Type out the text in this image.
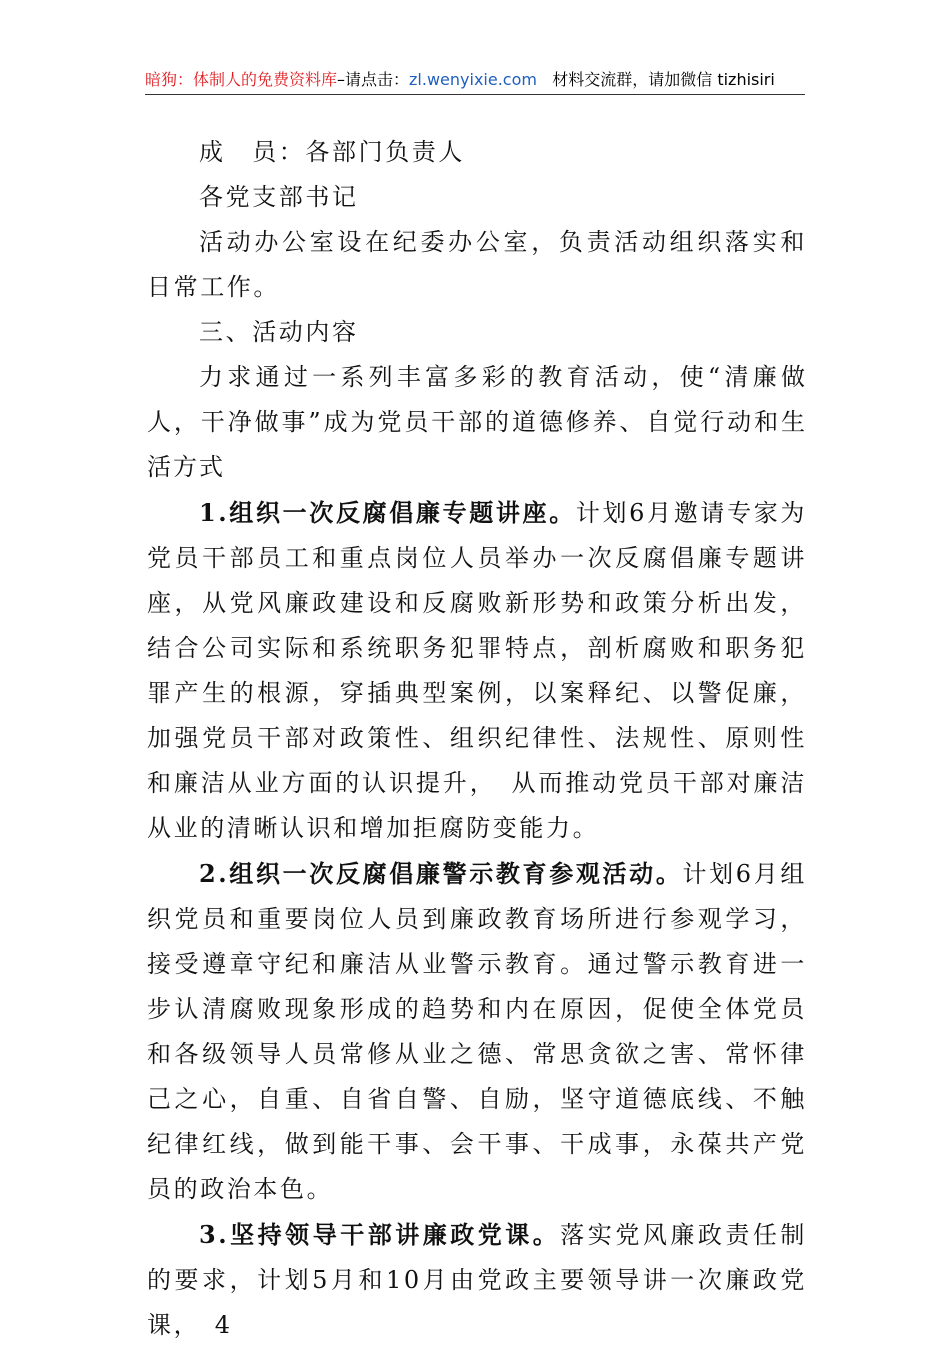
暗狗：体制人的免费资料库–请点击：zl.wenyixie.com 材料交流群，请加微信 tizhisiri

成　员：各部门负责人

各党支部书记

活动办公室设在纪委办公室，负责活动组织落实和日常工作。

三、活动内容

力求通过一系列丰富多彩的教育活动，使“清廉做人，干净做事”成为党员干部的道德修养、自觉行动和生活方式

1.组织一次反腐倡廉专题讲座。计划6月邀请专家为党员干部员工和重点岗位人员举办一次反腐倡廉专题讲座，从党风廉政建设和反腐败新形势和政策分析出发，结合公司实际和系统职务犯罪特点，剖析腐败和职务犯罪产生的根源，穿插典型案例，以案释纪、以警促廉，加强党员干部对政策性、组织纪律性、法规性、原则性和廉洁从业方面的认识提升，　从而推动党员干部对廉洁从业的清晰认识和增加拒腐防变能力。

2.组织一次反腐倡廉警示教育参观活动。计划6月组织党员和重要岗位人员到廉政教育场所进行参观学习，接受遵章守纪和廉洁从业警示教育。通过警示教育进一步认清腐败现象形成的趋势和内在原因，促使全体党员和各级领导人员常修从业之德、常思贪欲之害、常怀律己之心，自重、自省自警、自励，坚守道德底线、不触纪律红线，做到能干事、会干事、干成事，永葆共产党员的政治本色。

3.坚持领导干部讲廉政党课。落实党风廉政责任制的要求，计划5月和10月由党政主要领导讲一次廉政党课，　4
